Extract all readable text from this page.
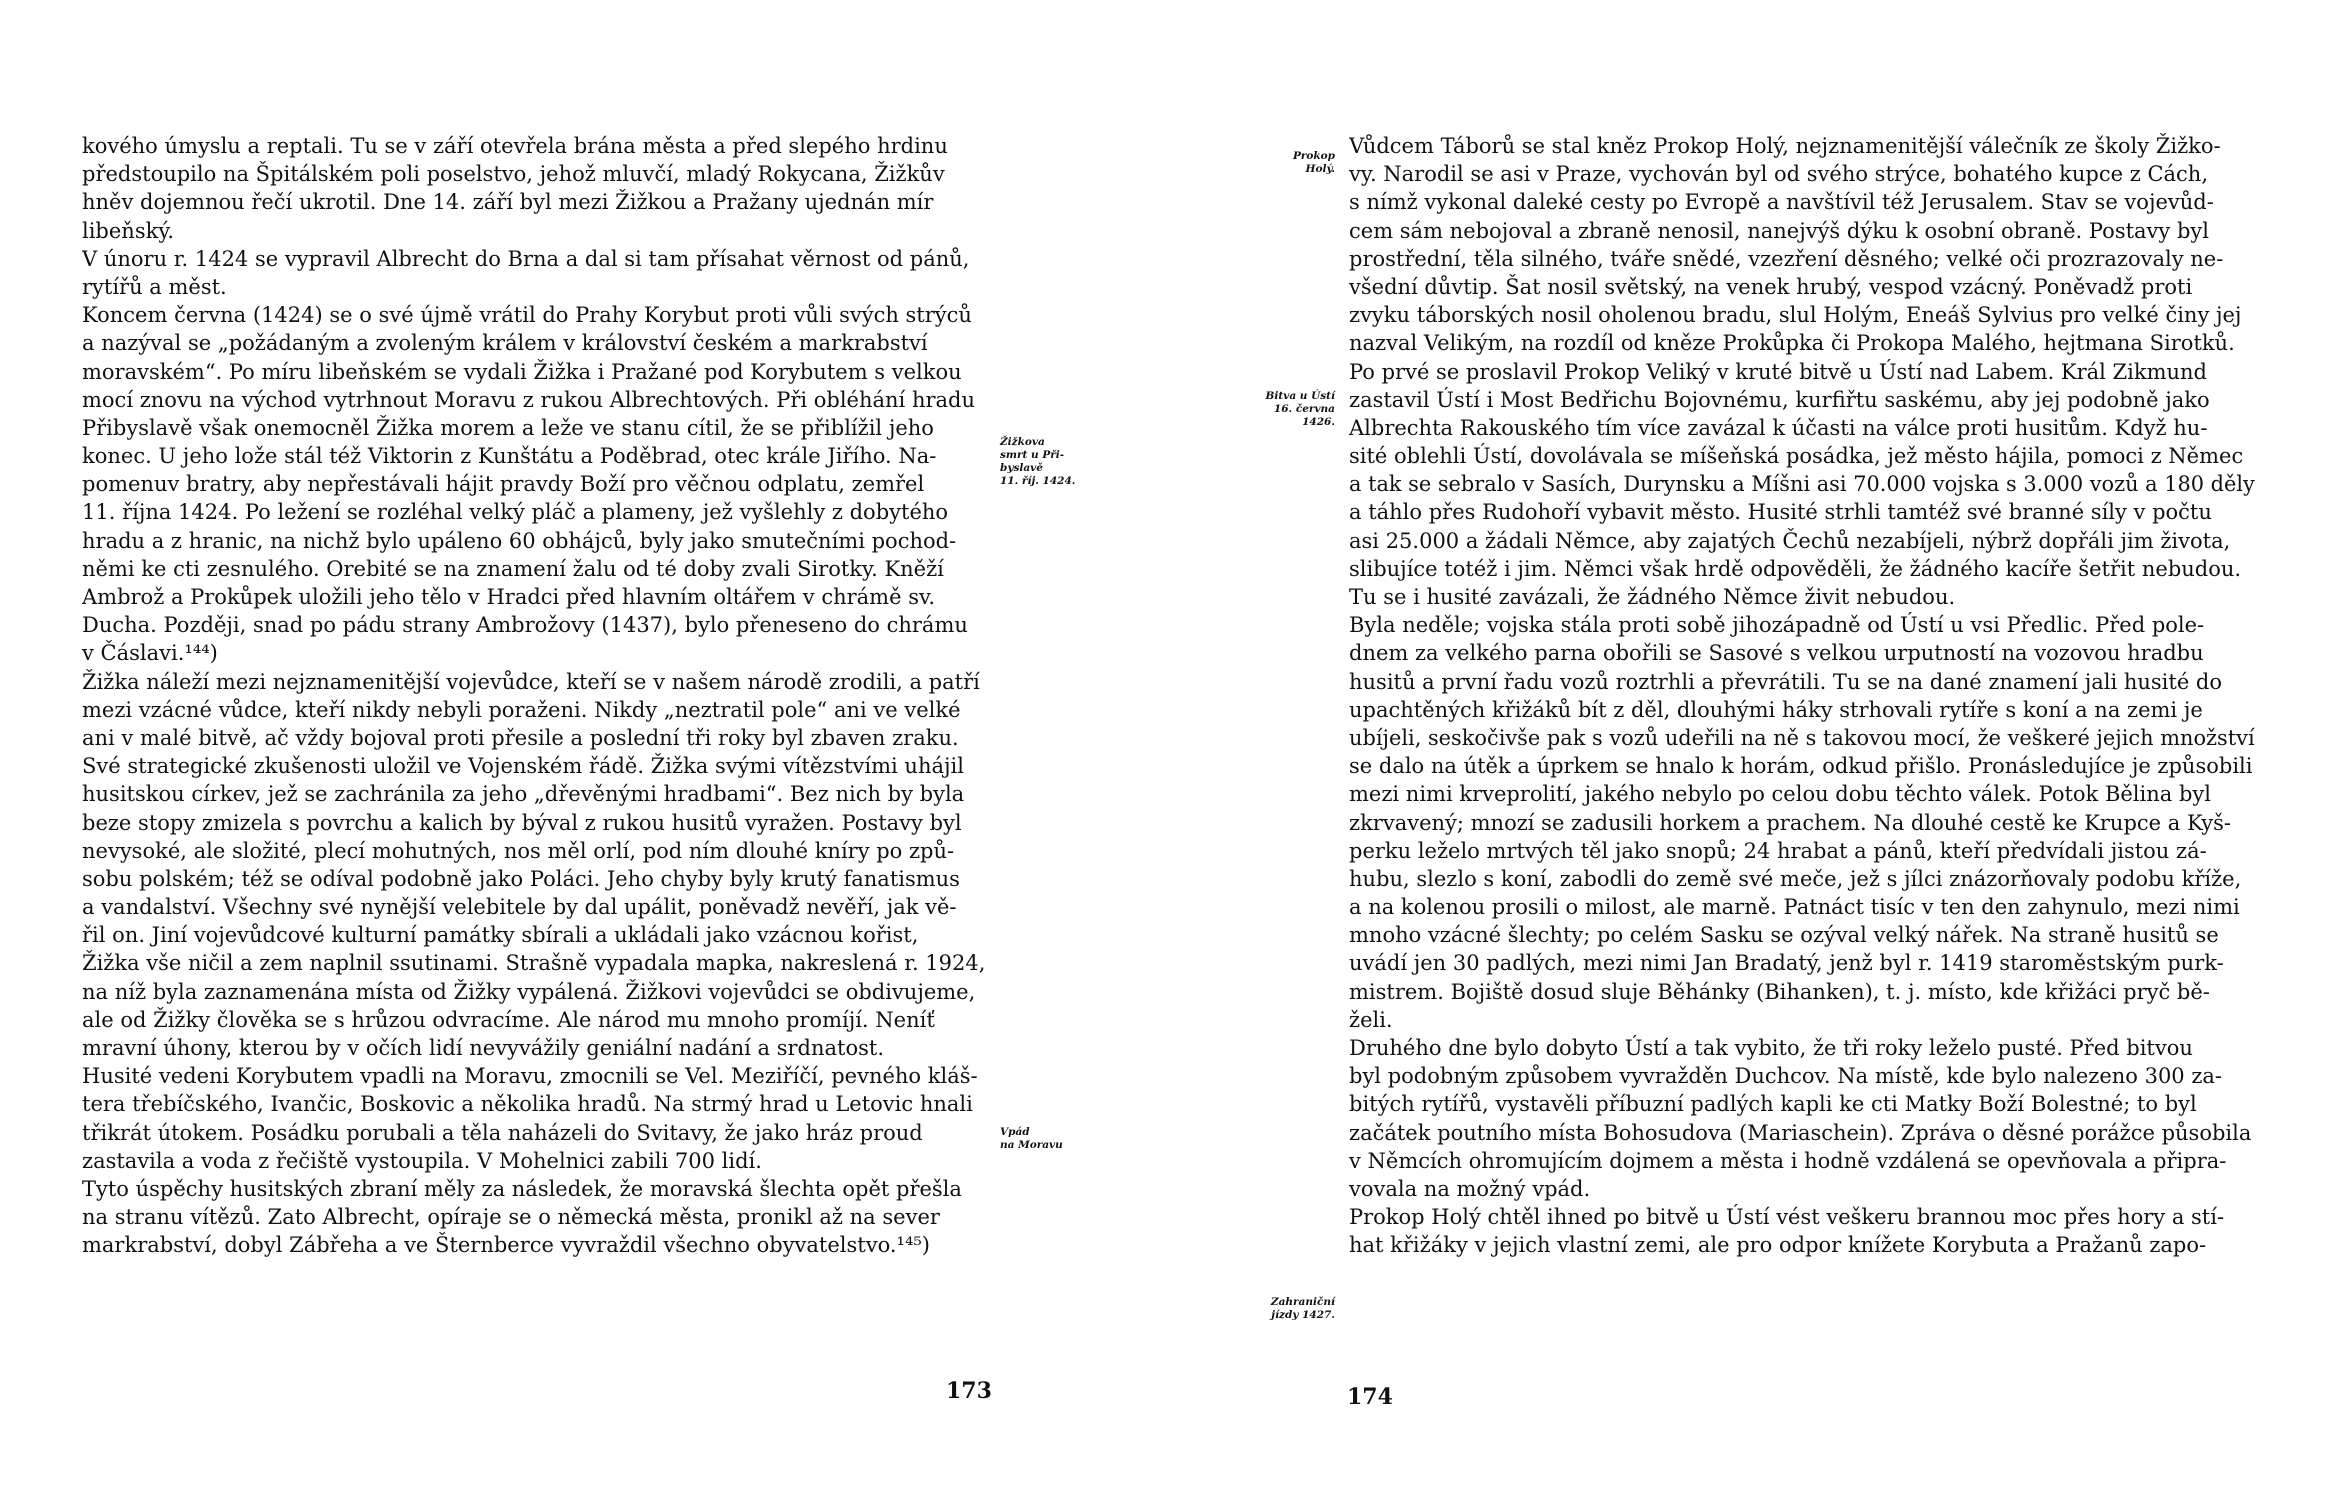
kového úmyslu a reptali. Tu se v září otevřela brána města a před slepého hrdinu
předstoupilo na Špitálském poli poselstvo, jehož mluvčí, mladý Rokycana, Žižkův
hněv dojemnou řečí ukrotil. Dne 14. září byl mezi Žižkou a Pražany ujednán mír
libeňský.
V únoru r. 1424 se vypravil Albrecht do Brna a dal si tam přísahat věrnost od pánů,
rytířů a měst.
Koncem června (1424) se o své újmě vrátil do Prahy Korybut proti vůli svých strýců
a nazýval se „požádaným a zvoleným králem v království českém a markrabství
moravském“. Po míru libeňském se vydali Žižka i Pražané pod Korybutem s velkou
mocí znovu na východ vytrhnout Moravu z rukou Albrechtových. Při obléhání hradu
Přibyslavě však onemocněl Žižka morem a leže ve stanu cítil, že se přiblížil jeho
konec. U jeho lože stál též Viktorin z Kunštátu a Poděbrad, otec krále Jiřího. Na-
pomenuv bratry, aby nepřestávali hájit pravdy Boží pro věčnou odplatu, zemřel
11. října 1424. Po ležení se rozléhal velký pláč a plameny, jež vyšlehly z dobytého
hradu a z hranic, na nichž bylo upáleno 60 obhájců, byly jako smutečními pochod-
němi ke cti zesnulého. Orebité se na znamení žalu od té doby zvali Sirotky. Kněží
Ambrož a Prokůpek uložili jeho tělo v Hradci před hlavním oltářem v chrámě sv.
Ducha. Později, snad po pádu strany Ambrožovy (1437), bylo přeneseno do chrámu
v Čáslavi.¹⁴⁴)
Žižka náleží mezi nejznamenitější vojevůdce, kteří se v našem národě zrodili, a patří
mezi vzácné vůdce, kteří nikdy nebyli poraženi. Nikdy „neztratil pole“ ani ve velké
ani v malé bitvě, ač vždy bojoval proti přesile a poslední tři roky byl zbaven zraku.
Své strategické zkušenosti uložil ve Vojenském řádě. Žižka svými vítězstvími uhájil
husitskou církev, jež se zachránila za jeho „dřevěnými hradbami“. Bez nich by byla
beze stopy zmizela s povrchu a kalich by býval z rukou husitů vyražen. Postavy byl
nevysoké, ale složité, plecí mohutných, nos měl orlí, pod ním dlouhé kníry po způ-
sobu polském; též se odíval podobně jako Poláci. Jeho chyby byly krutý fanatismus
a vandalství. Všechny své nynější velebitele by dal upálit, poněvadž nevěří, jak vě-
řil on. Jiní vojevůdcové kulturní památky sbírali a ukládali jako vzácnou kořist,
Žižka vše ničil a zem naplnil ssutinami. Strašně vypadala mapka, nakreslená r. 1924,
na níž byla zaznamenána místa od Žižky vypálená. Žižkovi vojevůdci se obdivujeme,
ale od Žižky člověka se s hrůzou odvracíme. Ale národ mu mnoho promíjí. Neníť
mravní úhony, kterou by v očích lidí nevyvážily geniální nadání a srdnatost.
Husité vedeni Korybutem vpadli na Moravu, zmocnili se Vel. Meziříčí, pevného kláš-
tera třebíčského, Ivančic, Boskovic a několika hradů. Na strmý hrad u Letovic hnali
třikrát útokem. Posádku porubali a těla naházeli do Svitavy, že jako hráz proud
zastavila a voda z řečiště vystoupila. V Mohelnici zabili 700 lidí.
Tyto úspěchy husitských zbraní měly za následek, že moravská šlechta opět přešla
na stranu vítězů. Zato Albrecht, opíraje se o německá města, pronikl až na sever
markrabství, dobyl Zábřeha a ve Šternberce vyvraždil všechno obyvatelstvo.¹⁴⁵)
Žižkova
smrt u Při-
byslavě
11. říj. 1424.
Vpád
na Moravu
173
Prokop
Holý.
Bitva u Ústí
16. června
1426.
Zahraniční
jízdy 1427.
Vůdcem Táborů se stal kněz Prokop Holý, nejznamenitější válečník ze školy Žižko-
vy. Narodil se asi v Praze, vychován byl od svého strýce, bohatého kupce z Cách,
s nímž vykonal daleké cesty po Evropě a navštívil též Jerusalem. Stav se vojevůd-
cem sám nebojoval a zbraně nenosil, nanejvýš dýku k osobní obraně. Postavy byl
prostřední, těla silného, tváře snědé, vzezření děsného; velké oči prozrazovaly ne-
všední důvtip. Šat nosil světský, na venek hrubý, vespod vzácný. Poněvadž proti
zvyku táborských nosil oholenou bradu, slul Holým, Eneáš Sylvius pro velké činy jej
nazval Velikým, na rozdíl od kněze Prokůpka či Prokopa Malého, hejtmana Sirotků.
Po prvé se proslavil Prokop Veliký v kruté bitvě u Ústí nad Labem. Král Zikmund
zastavil Ústí i Most Bedřichu Bojovnému, kurfiřtu saskému, aby jej podobně jako
Albrechta Rakouského tím více zavázal k účasti na válce proti husitům. Když hu-
sité oblehli Ústí, dovolávala se míšeňská posádka, jež město hájila, pomoci z Němec
a tak se sebralo v Sasích, Durynsku a Míšni asi 70.000 vojska s 3.000 vozů a 180 děly
a táhlo přes Rudohoří vybavit město. Husité strhli tamtéž své branné síly v počtu
asi 25.000 a žádali Němce, aby zajatých Čechů nezabíjeli, nýbrž dopřáli jim života,
slibujíce totéž i jim. Němci však hrdě odpověděli, že žádného kacíře šetřit nebudou.
Tu se i husité zavázali, že žádného Němce živit nebudou.
Byla neděle; vojska stála proti sobě jihozápadně od Ústí u vsi Předlic. Před pole-
dnem za velkého parna obořili se Sasové s velkou urputností na vozovou hradbu
husitů a první řadu vozů roztrhli a převrátili. Tu se na dané znamení jali husité do
upachtěných křižáků bít z děl, dlouhými háky strhovali rytíře s koní a na zemi je
ubíjeli, seskočivše pak s vozů udeřili na ně s takovou mocí, že veškeré jejich množství
se dalo na útěk a úprkem se hnalo k horám, odkud přišlo. Pronásledujíce je způsobili
mezi nimi krveprolití, jakého nebylo po celou dobu těchto válek. Potok Bělina byl
zkrvavený; mnozí se zadusili horkem a prachem. Na dlouhé cestě ke Krupce a Kyš-
perku leželo mrtvých těl jako snopů; 24 hrabat a pánů, kteří předvídali jistou zá-
hubu, slezlo s koní, zabodli do země své meče, jež s jílci znázorňovaly podobu kříže,
a na kolenou prosili o milost, ale marně. Patnáct tisíc v ten den zahynulo, mezi nimi
mnoho vzácné šlechty; po celém Sasku se ozýval velký nářek. Na straně husitů se
uvádí jen 30 padlých, mezi nimi Jan Bradatý, jenž byl r. 1419 staroměstským purk-
mistrem. Bojiště dosud sluje Běhánky (Bihanken), t. j. místo, kde křižáci pryč bě-
želi.
Druhého dne bylo dobyto Ústí a tak vybito, že tři roky leželo pusté. Před bitvou
byl podobným způsobem vyvražděn Duchcov. Na místě, kde bylo nalezeno 300 za-
bitých rytířů, vystavěli příbuzní padlých kapli ke cti Matky Boží Bolestné; to byl
začátek poutního místa Bohosudova (Mariaschein). Zpráva o děsné porážce působila
v Němcích ohromujícím dojmem a města i hodně vzdálená se opevňovala a připra-
vovala na možný vpád.
Prokop Holý chtěl ihned po bitvě u Ústí vést veškeru brannou moc přes hory a stí-
hat křižáky v jejich vlastní zemi, ale pro odpor knížete Korybuta a Pražanů zapo-
174
